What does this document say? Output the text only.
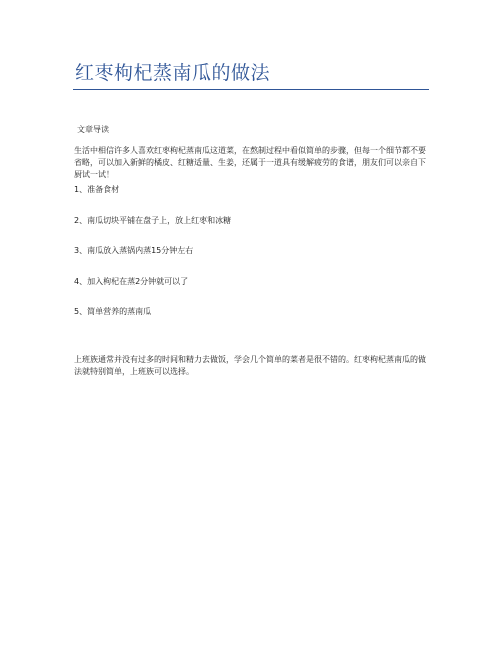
红枣枸杞蒸南瓜的做法

文章导读

生活中相信许多人喜欢红枣枸杞蒸南瓜这道菜，在熬制过程中看似简单的步骤，但每一个细节都不要省略，可以加入新鲜的橘皮、红糖适量、生姜，还属于一道具有缓解疲劳的食谱，朋友们可以亲自下厨试一试！

1、准备食材
2、南瓜切块平铺在盘子上，放上红枣和冰糖
3、南瓜放入蒸锅内蒸15分钟左右
4、加入枸杞在蒸2分钟就可以了
5、简单营养的蒸南瓜

上班族通常并没有过多的时间和精力去做饭，学会几个简单的菜者是很不错的。红枣枸杞蒸南瓜的做法就特别简单，上班族可以选择。
